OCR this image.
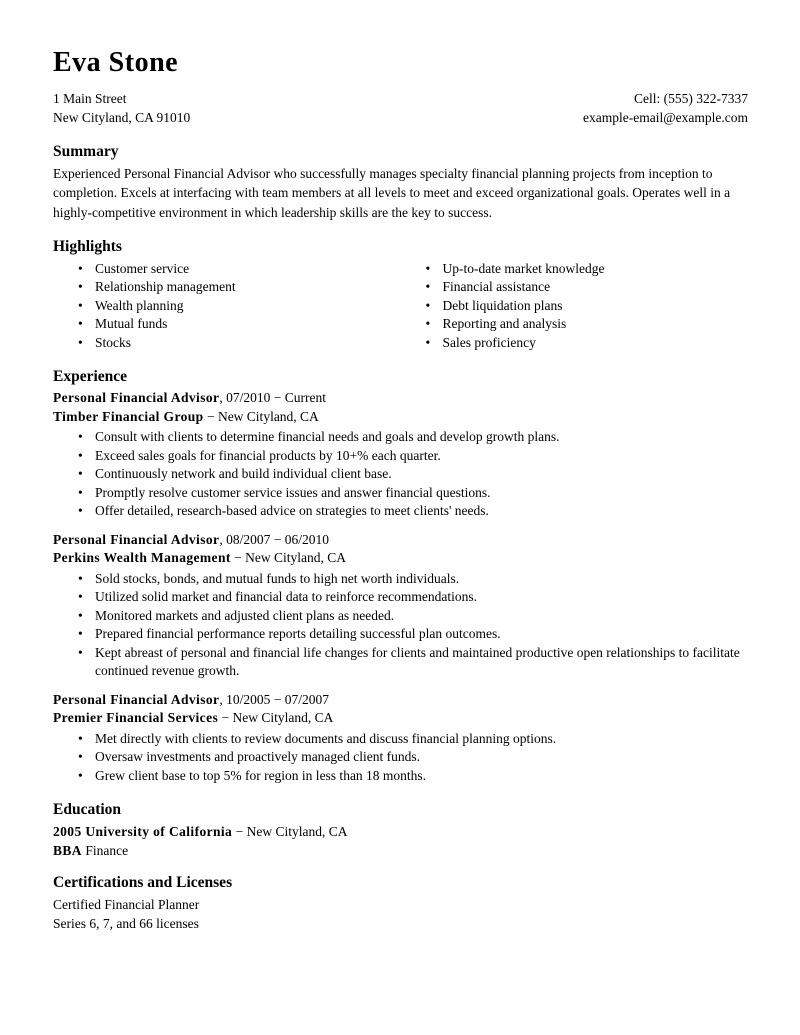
Eva Stone
1 Main Street
New Cityland, CA 91010
Cell: (555) 322-7337
example-email@example.com
Summary

Experienced Personal Financial Advisor who successfully manages specialty financial planning projects from inception to completion. Excels at interfacing with team members at all levels to meet and exceed organizational goals. Operates well in a highly-competitive environment in which leadership skills are the key to success.

Highlights
• Customer service
• Relationship management
• Wealth planning
• Mutual funds
• Stocks
• Up-to-date market knowledge
• Financial assistance
• Debt liquidation plans
• Reporting and analysis
• Sales proficiency
Experience

Personal Financial Advisor, 07/2010 − Current

Timber Financial Group − New Cityland, CA

• Consult with clients to determine financial needs and goals and develop growth plans.
• Exceed sales goals for financial products by 10+% each quarter.
• Continuously network and build individual client base.
• Promptly resolve customer service issues and answer financial questions.
• Offer detailed, research-based advice on strategies to meet clients' needs.

Personal Financial Advisor, 08/2007 − 06/2010

Perkins Wealth Management − New Cityland, CA

• Sold stocks, bonds, and mutual funds to high net worth individuals.
• Utilized solid market and financial data to reinforce recommendations.
• Monitored markets and adjusted client plans as needed.
• Prepared financial performance reports detailing successful plan outcomes.
• Kept abreast of personal and financial life changes for clients and maintained productive open relationships to facilitate continued revenue growth.

Personal Financial Advisor, 10/2005 − 07/2007

Premier Financial Services − New Cityland, CA

• Met directly with clients to review documents and discuss financial planning options.
• Oversaw investments and proactively managed client funds.
• Grew client base to top 5% for region in less than 18 months.
Education

2005 University of California − New Cityland, CA

BBA Finance

Certifications and Licenses

Certified Financial Planner

Series 6, 7, and 66 licenses
